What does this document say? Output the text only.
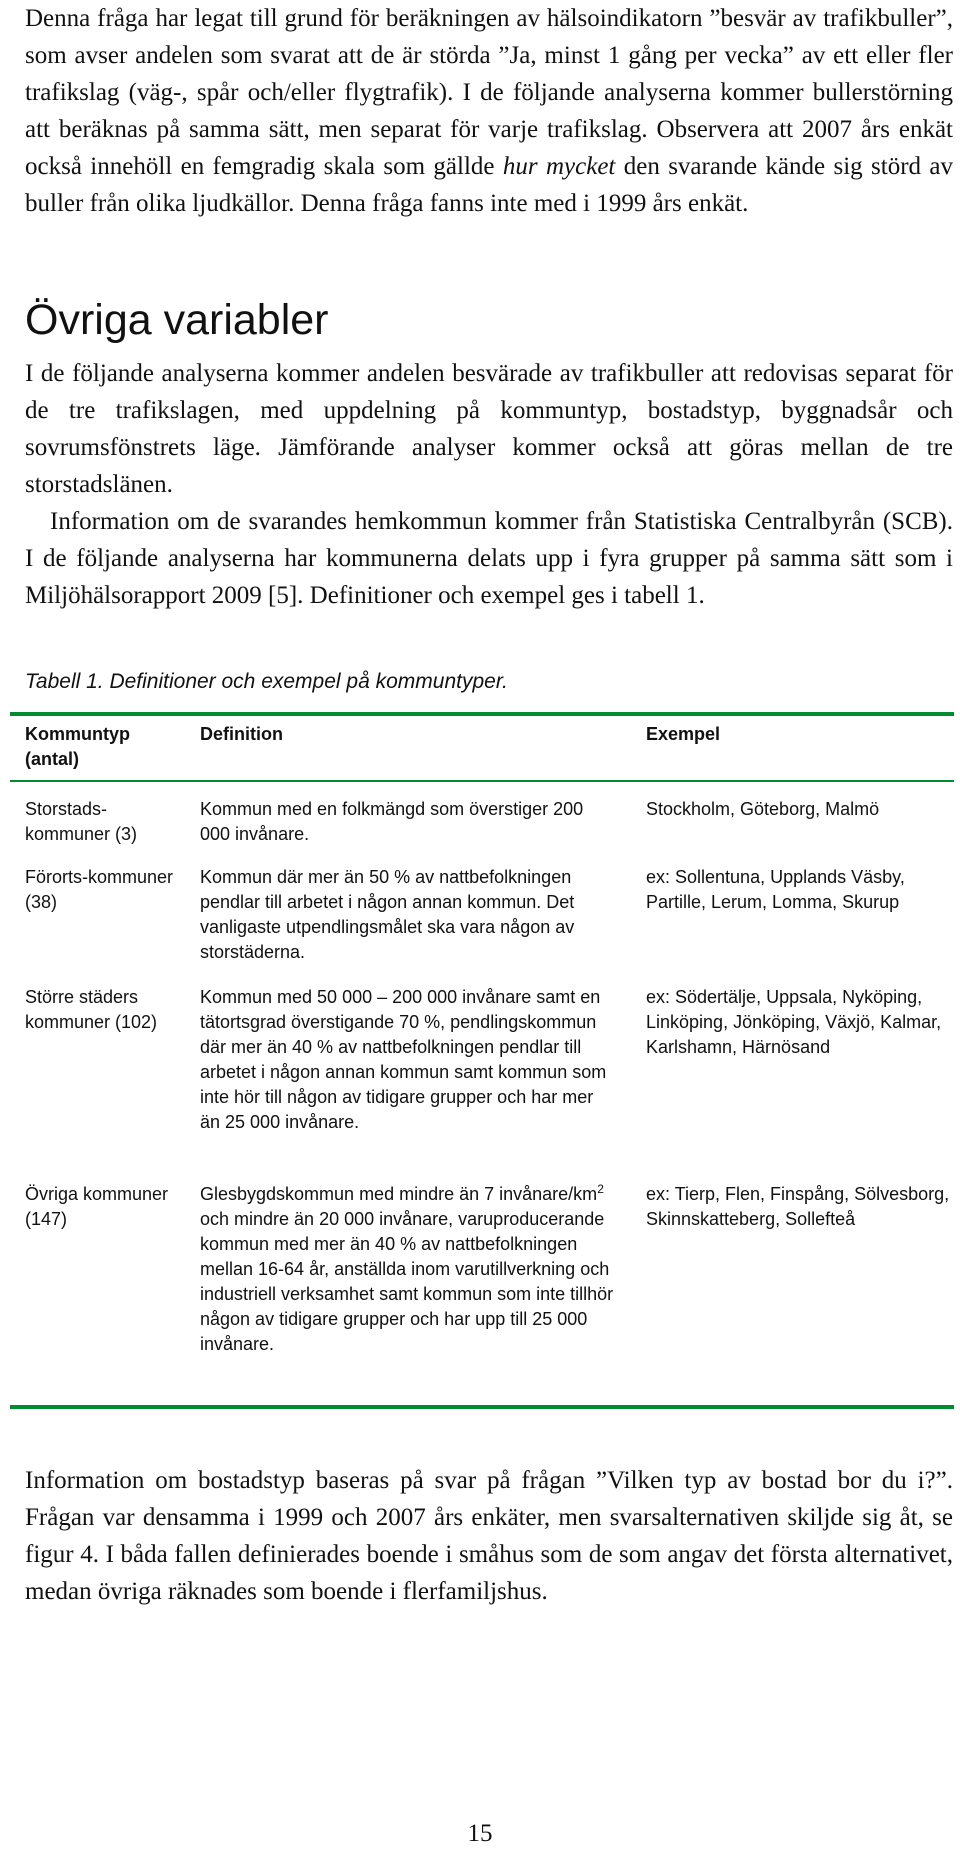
Denna fråga har legat till grund för beräkningen av hälsoindikatorn ”besvär av trafikbuller”, som avser andelen som svarat att de är störda ”Ja, minst 1 gång per vecka” av ett eller fler trafikslag (väg-, spår och/eller flygtrafik). I de följande analyserna kommer bullerstörning att beräknas på samma sätt, men separat för varje trafikslag. Observera att 2007 års enkät också innehöll en femgradig skala som gällde hur mycket den svarande kände sig störd av buller från olika ljudkällor. Denna fråga fanns inte med i 1999 års enkät.

Övriga variabler

I de följande analyserna kommer andelen besvärade av trafikbuller att redovisas separat för de tre trafikslagen, med uppdelning på kommuntyp, bostadstyp, byggnadsår och sovrumsfönstrets läge. Jämförande analyser kommer också att göras mellan de tre storstadslänen.

Information om de svarandes hemkommun kommer från Statistiska Centralbyrån (SCB). I de följande analyserna har kommunerna delats upp i fyra grupper på samma sätt som i Miljöhälsorapport 2009 [5]. Definitioner och exempel ges i tabell 1.

Tabell 1. Definitioner och exempel på kommuntyper.

Kommuntyp (antal)

Definition	Exempel

Storstads-kommuner (3)

Kommun med en folkmängd som överstiger 200 000 invånare.

Stockholm, Göteborg, Malmö

Förorts-kommuner (38)

Kommun där mer än 50 % av nattbefolkningen pendlar till arbetet i någon annan kommun. Det vanligaste utpendlingsmålet ska vara någon av storstäderna.

ex: Sollentuna, Upplands Väsby, Partille, Lerum, Lomma, Skurup

Större städers kommuner (102)

Kommun med 50 000 – 200 000 invånare samt en tätortsgrad överstigande 70 %, pendlingskommun där mer än 40 % av nattbefolkningen pendlar till arbetet i någon annan kommun samt kommun som inte hör till någon av tidigare grupper och har mer än 25 000 invånare.

ex: Södertälje, Uppsala, Nyköping, Linköping, Jönköping, Växjö, Kalmar, Karlshamn, Härnösand

Övriga kommuner (147)

Glesbygdskommun med mindre än 7 invånare/$km^2$ och mindre än 20 000 invånare, varuproducerande kommun med mer än 40 % av nattbefolkningen mellan 16-64 år, anställda inom varutillverkning och industriell verksamhet samt kommun som inte tillhör någon av tidigare grupper och har upp till 25 000 invånare.

ex: Tierp, Flen, Finspång, Sölvesborg, Skinnskatteberg, Sollefteå

Information om bostadstyp baseras på svar på frågan ”Vilken typ av bostad bor du i?”. Frågan var densamma i 1999 och 2007 års enkäter, men svarsalternativen skiljde sig åt, se figur 4. I båda fallen definierades boende i småhus som de som angav det första alternativet, medan övriga räknades som boende i flerfamiljshus.

15
